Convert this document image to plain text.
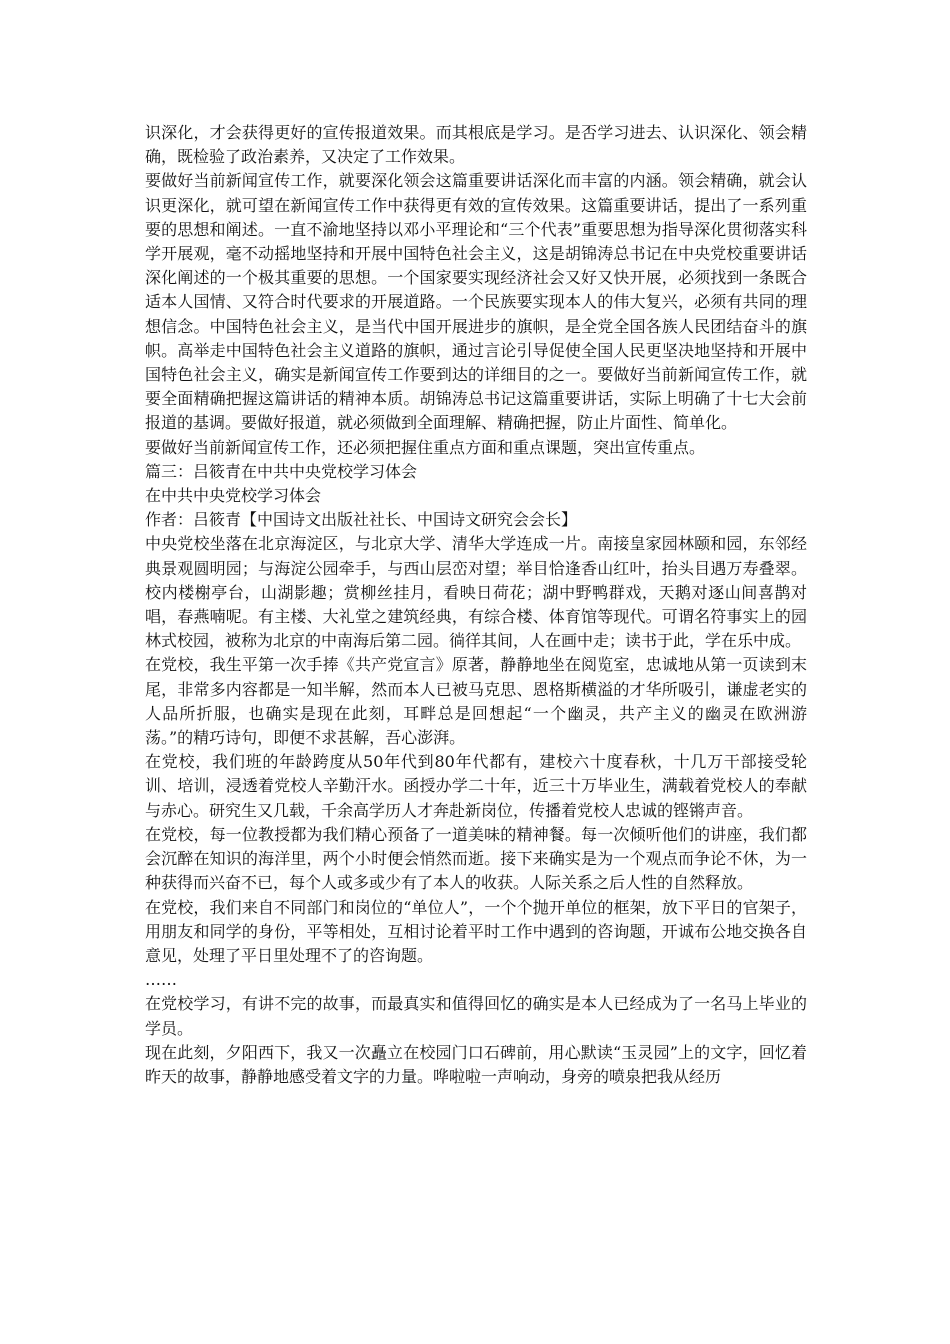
识深化，才会获得更好的宣传报道效果。而其根底是学习。是否学习进去、认识深化、领会精确，既检验了政治素养，又决定了工作效果。

要做好当前新闻宣传工作，就要深化领会这篇重要讲话深化而丰富的内涵。领会精确，就会认识更深化，就可望在新闻宣传工作中获得更有效的宣传效果。这篇重要讲话，提出了一系列重要的思想和阐述。一直不渝地坚持以邓小平理论和“三个代表”重要思想为指导深化贯彻落实科学开展观，毫不动摇地坚持和开展中国特色社会主义，这是胡锦涛总书记在中央党校重要讲话深化阐述的一个极其重要的思想。一个国家要实现经济社会又好又快开展，必须找到一条既合适本人国情、又符合时代要求的开展道路。一个民族要实现本人的伟大复兴，必须有共同的理想信念。中国特色社会主义，是当代中国开展进步的旗帜，是全党全国各族人民团结奋斗的旗帜。高举走中国特色社会主义道路的旗帜，通过言论引导促使全国人民更坚决地坚持和开展中国特色社会主义，确实是新闻宣传工作要到达的详细目的之一。要做好当前新闻宣传工作，就要全面精确把握这篇讲话的精神本质。胡锦涛总书记这篇重要讲话，实际上明确了十七大会前报道的基调。要做好报道，就必须做到全面理解、精确把握，防止片面性、简单化。

要做好当前新闻宣传工作，还必须把握住重点方面和重点课题，突出宣传重点。

篇三：吕筱青在中共中央党校学习体会

在中共中央党校学习体会

作者：吕筱青【中国诗文出版社社长、中国诗文研究会会长】

中央党校坐落在北京海淀区，与北京大学、清华大学连成一片。南接皇家园林颐和园，东邻经典景观圆明园；与海淀公园牵手，与西山层峦对望；举目恰逢香山红叶，抬头目遇万寿叠翠。校内楼榭亭台，山湖影趣；赏柳丝挂月，看映日荷花；湖中野鸭群戏，天鹅对逐山间喜鹊对唱，春燕喃呢。有主楼、大礼堂之建筑经典，有综合楼、体育馆等现代。可谓名符事实上的园林式校园，被称为北京的中南海后第二园。徜徉其间，人在画中走；读书于此，学在乐中成。

在党校，我生平第一次手捧《共产党宣言》原著，静静地坐在阅览室，忠诚地从第一页读到末尾，非常多内容都是一知半解，然而本人已被马克思、恩格斯横溢的才华所吸引，谦虚老实的人品所折服，也确实是现在此刻，耳畔总是回想起“一个幽灵，共产主义的幽灵在欧洲游荡。”的精巧诗句，即便不求甚解，吾心澎湃。

在党校，我们班的年龄跨度从50年代到80年代都有，建校六十度春秋，十几万干部接受轮训、培训，浸透着党校人辛勤汗水。函授办学二十年，近三十万毕业生，满载着党校人的奉献与赤心。研究生又几载，千余高学历人才奔赴新岗位，传播着党校人忠诚的铿锵声音。

在党校，每一位教授都为我们精心预备了一道美味的精神餐。每一次倾听他们的讲座，我们都会沉醉在知识的海洋里，两个小时便会悄然而逝。接下来确实是为一个观点而争论不休，为一种获得而兴奋不已，每个人或多或少有了本人的收获。人际关系之后人性的自然释放。

在党校，我们来自不同部门和岗位的“单位人”，一个个抛开单位的框架，放下平日的官架子，用朋友和同学的身份，平等相处，互相讨论着平时工作中遇到的咨询题，开诚布公地交换各自意见，处理了平日里处理不了的咨询题。

……

在党校学习，有讲不完的故事，而最真实和值得回忆的确实是本人已经成为了一名马上毕业的学员。

现在此刻，夕阳西下，我又一次矗立在校园门口石碑前，用心默读“玉灵园”上的文字，回忆着昨天的故事，静静地感受着文字的力量。哗啦啦一声响动，身旁的喷泉把我从经历
